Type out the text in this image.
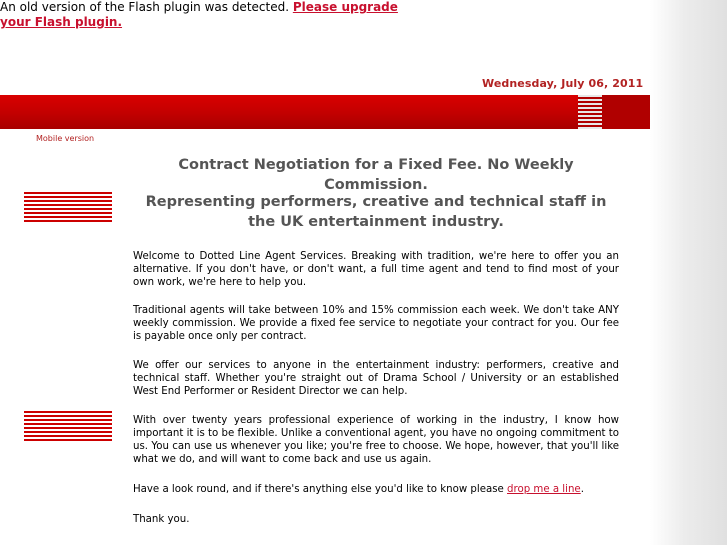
An old version of the Flash plugin was detected. Please upgrade your Flash plugin.
Wednesday, July 06, 2011
Mobile version
Contract Negotiation for a Fixed Fee. No Weekly Commission.
Representing performers, creative and technical staff in the UK entertainment industry.

Welcome to Dotted Line Agent Services. Breaking with tradition, we're here to offer you an alternative. If you don't have, or don't want, a full time agent and tend to find most of your own work, we're here to help you.

Traditional agents will take between 10% and 15% commission each week. We don't take ANY weekly commission. We provide a fixed fee service to negotiate your contract for you. Our fee is payable once only per contract.

We offer our services to anyone in the entertainment industry: performers, creative and technical staff. Whether you're straight out of Drama School / University or an established West End Performer or Resident Director we can help.

With over twenty years professional experience of working in the industry, I know how important it is to be flexible. Unlike a conventional agent, you have no ongoing commitment to us. You can use us whenever you like; you're free to choose. We hope, however, that you'll like what we do, and will want to come back and use us again.

Have a look round, and if there's anything else you'd like to know please drop me a line.

Thank you.
